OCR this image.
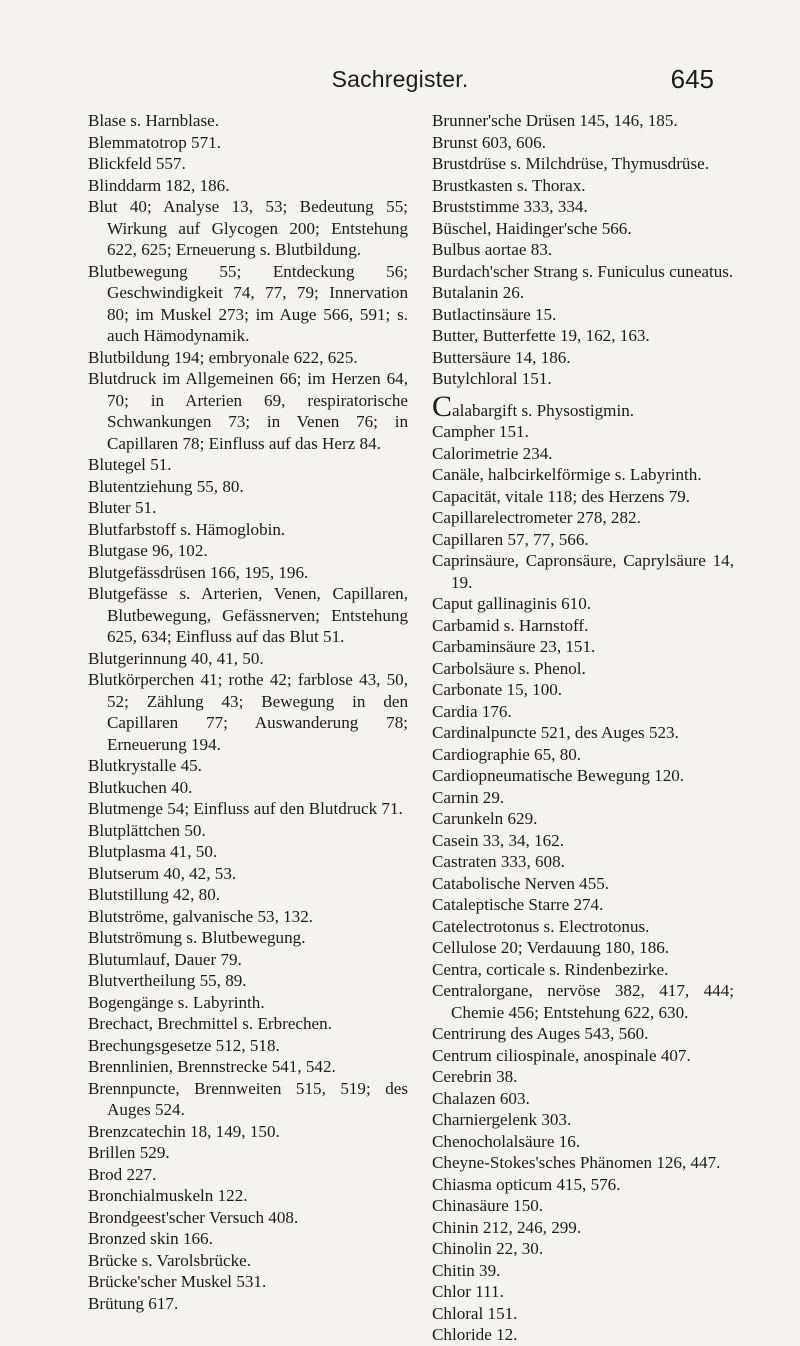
Sachregister.	645
Blase s. Harnblase.
Blemmatotrop 571.
Blickfeld 557.
Blinddarm 182, 186.
Blut 40; Analyse 13, 53; Bedeutung 55; Wirkung auf Glycogen 200; Entstehung 622, 625; Erneuerung s. Blutbildung.
Blutbewegung 55; Entdeckung 56; Geschwindigkeit 74, 77, 79; Innervation 80; im Muskel 273; im Auge 566, 591; s. auch Hämodynamik.
Blutbildung 194; embryonale 622, 625.
Blutdruck im Allgemeinen 66; im Herzen 64, 70; in Arterien 69, respiratorische Schwankungen 73; in Venen 76; in Capillaren 78; Einfluss auf das Herz 84.
Blutegel 51.
Blutentziehung 55, 80.
Bluter 51.
Blutfarbstoff s. Hämoglobin.
Blutgase 96, 102.
Blutgefässdrüsen 166, 195, 196.
Blutgefässe s. Arterien, Venen, Capillaren, Blutbewegung, Gefässnerven; Entstehung 625, 634; Einfluss auf das Blut 51.
Blutgerinnung 40, 41, 50.
Blutkörperchen 41; rothe 42; farblose 43, 50, 52; Zählung 43; Bewegung in den Capillaren 77; Auswanderung 78; Erneuerung 194.
Blutkrystalle 45.
Blutkuchen 40.
Blutmenge 54; Einfluss auf den Blutdruck 71.
Blutplättchen 50.
Blutplasma 41, 50.
Blutserum 40, 42, 53.
Blutstillung 42, 80.
Blutströme, galvanische 53, 132.
Blutströmung s. Blutbewegung.
Blutumlauf, Dauer 79.
Blutvertheilung 55, 89.
Bogengänge s. Labyrinth.
Brechact, Brechmittel s. Erbrechen.
Brechungsgesetze 512, 518.
Brennlinien, Brennstrecke 541, 542.
Brennpuncte, Brennweiten 515, 519; des Auges 524.
Brenzcatechin 18, 149, 150.
Brillen 529.
Brod 227.
Bronchialmuskeln 122.
Brondgeest'scher Versuch 408.
Bronzed skin 166.
Brücke s. Varolsbrücke.
Brücke'scher Muskel 531.
Brütung 617.
Brunner'sche Drüsen 145, 146, 185.
Brunst 603, 606.
Brustdrüse s. Milchdrüse, Thymusdrüse.
Brustkasten s. Thorax.
Bruststimme 333, 334.
Büschel, Haidinger'sche 566.
Bulbus aortae 83.
Burdach'scher Strang s. Funiculus cuneatus.
Butalanin 26.
Butlactinsäure 15.
Butter, Butterfette 19, 162, 163.
Buttersäure 14, 186.
Butylchloral 151.
Calabargift s. Physostigmin.
Campher 151.
Calorimetrie 234.
Canäle, halbcirkelförmige s. Labyrinth.
Capacität, vitale 118; des Herzens 79.
Capillarelectrometer 278, 282.
Capillaren 57, 77, 566.
Caprinsäure, Capronsäure, Caprylsäure 14, 19.
Caput gallinaginis 610.
Carbamid s. Harnstoff.
Carbaminsäure 23, 151.
Carbolsäure s. Phenol.
Carbonate 15, 100.
Cardia 176.
Cardinalpuncte 521, des Auges 523.
Cardiographie 65, 80.
Cardiopneumatische Bewegung 120.
Carnin 29.
Carunkeln 629.
Casein 33, 34, 162.
Castraten 333, 608.
Catabolische Nerven 455.
Cataleptische Starre 274.
Catelectrotonus s. Electrotonus.
Cellulose 20; Verdauung 180, 186.
Centra, corticale s. Rindenbezirke.
Centralorgane, nervöse 382, 417, 444; Chemie 456; Entstehung 622, 630.
Centrirung des Auges 543, 560.
Centrum ciliospinale, anospinale 407.
Cerebrin 38.
Chalazen 603.
Charniergelenk 303.
Chenocholalsäure 16.
Cheyne-Stokes'sches Phänomen 126, 447.
Chiasma opticum 415, 576.
Chinasäure 150.
Chinin 212, 246, 299.
Chinolin 22, 30.
Chitin 39.
Chlor 111.
Chloral 151.
Chloride 12.
